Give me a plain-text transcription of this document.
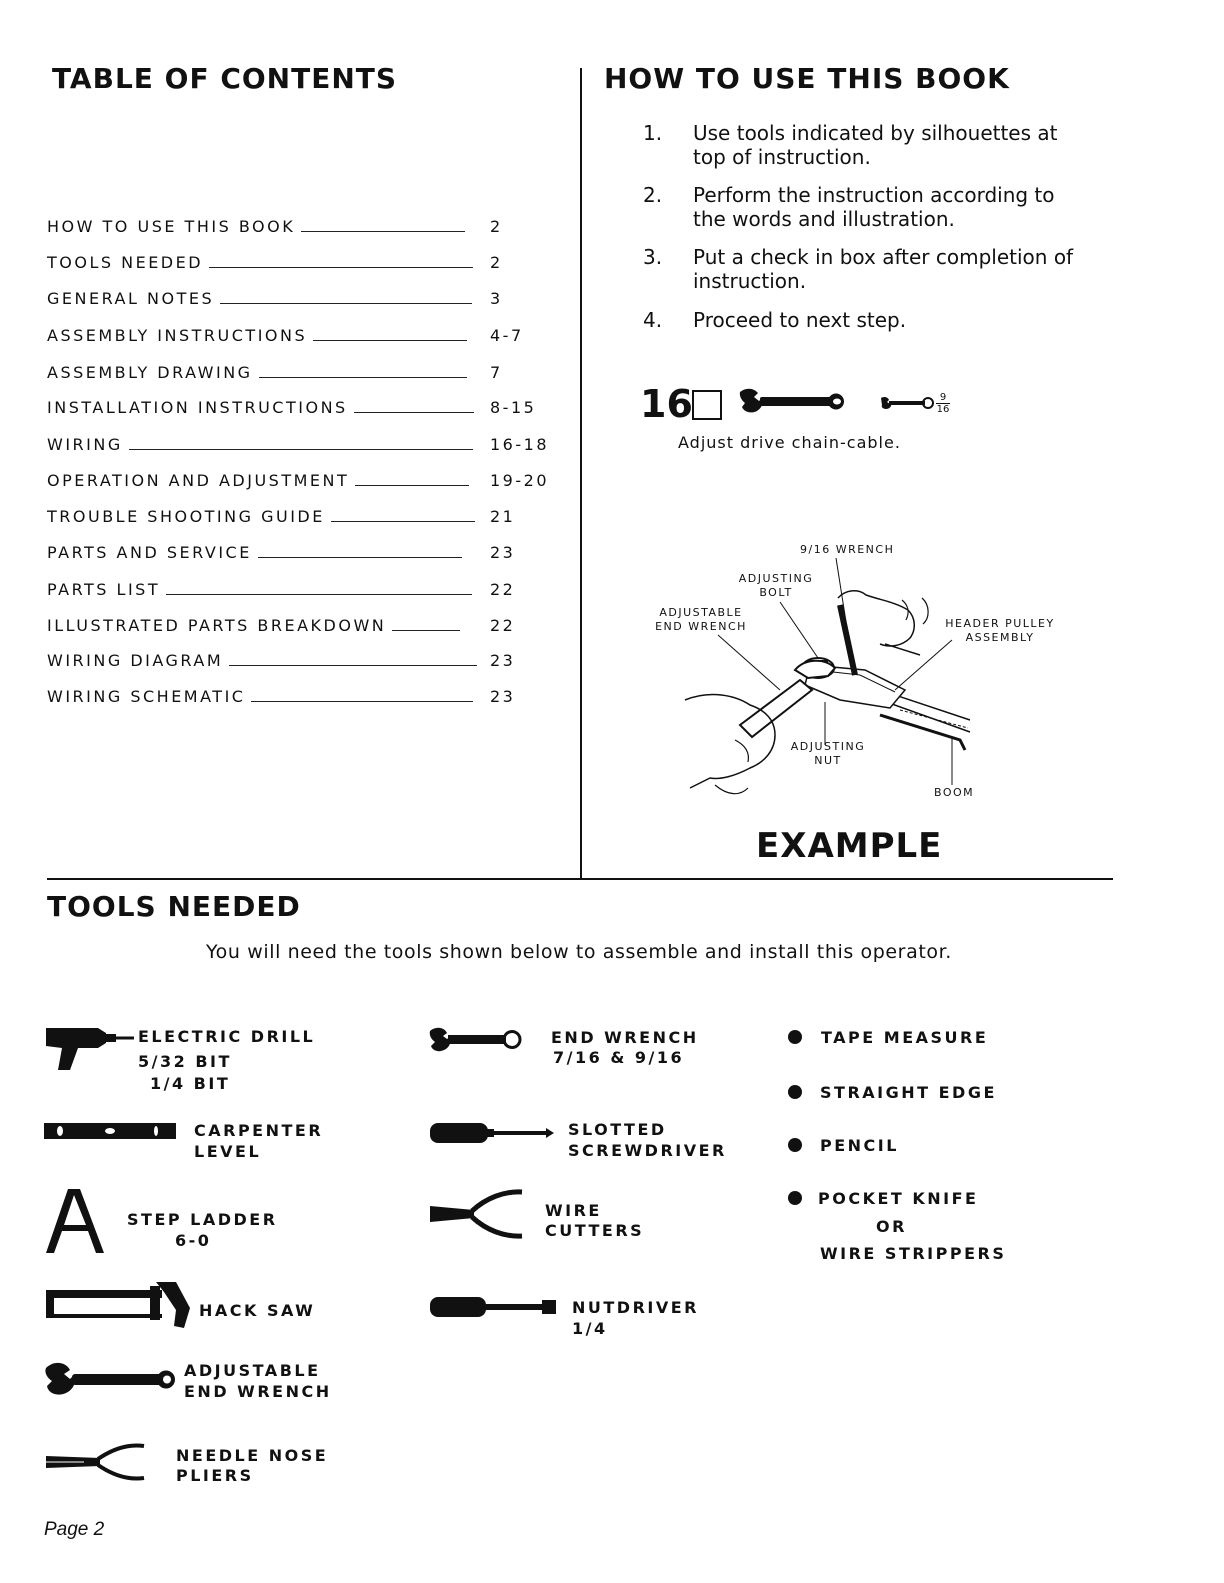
TABLE OF CONTENTS
HOW TO USE THIS BOOK	2
TOOLS NEEDED	2
GENERAL NOTES	3
ASSEMBLY INSTRUCTIONS	4-7
ASSEMBLY DRAWING	7
INSTALLATION INSTRUCTIONS	8-15
WIRING	16-18
OPERATION AND ADJUSTMENT	19-20
TROUBLE SHOOTING GUIDE	21
PARTS AND SERVICE	23
PARTS LIST	22
ILLUSTRATED PARTS BREAKDOWN	22
WIRING DIAGRAM	23
WIRING SCHEMATIC	23
HOW TO USE THIS BOOK
1.	Use tools indicated by silhouettes at top of instruction.
2.	Perform the instruction according to the words and illustration.
3.	Put a check in box after completion of instruction.
4.	Proceed to next step.
16	$\frac{9}{16}$
Adjust drive chain-cable.
9/16 WRENCH
ADJUSTING BOLT
ADJUSTABLE END WRENCH	HEADER PULLEY ASSEMBLY
ADJUSTING NUT
BOOM
EXAMPLE
TOOLS NEEDED
You will need the tools shown below to assemble and install this operator.
ELECTRIC DRILL
5/32 BIT
1/4 BIT
CARPENTER
LEVEL
STEP LADDER
6-0
HACK SAW
ADJUSTABLE
END WRENCH
NEEDLE NOSE
PLIERS
END WRENCH
7/16 & 9/16
SLOTTED
SCREWDRIVER
WIRE
CUTTERS
NUTDRIVER
1/4
TAPE MEASURE
STRAIGHT EDGE
PENCIL
POCKET KNIFE
OR
WIRE STRIPPERS
Page 2
